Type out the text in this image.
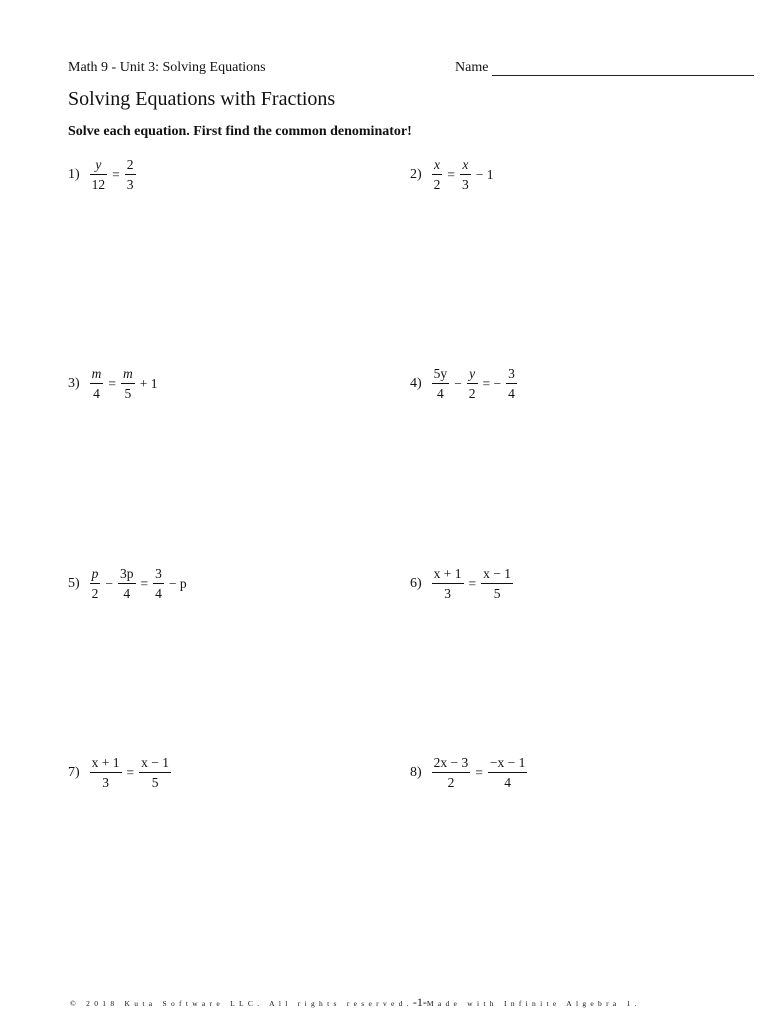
Math 9 - Unit 3: Solving Equations	Name
Solving Equations with Fractions
Solve each equation. First find the common denominator!
$1) \frac{y}{12} = \frac{2}{3}$	$2) \frac{x}{2} = \frac{x}{3} - 1$
$3) \frac{m}{4} = \frac{m}{5} + 1$	$4) \frac{5y}{4} - \frac{y}{2}$ = − $\frac{3}{4}$
$5) \frac{p}{2} - \frac{3p}{4} = \frac{3}{4} - p$	$6) \frac{x + 1}{3} = \frac{x - 1}{5}$
$7) \frac{x + 1}{3} = \frac{x - 1}{5}$	$8) \frac{2x - 3}{2} = \frac{-x - 1}{4}$
© 2018 Kuta Software LLC. All rights reserved.-1-Made with Infinite Algebra 1.
